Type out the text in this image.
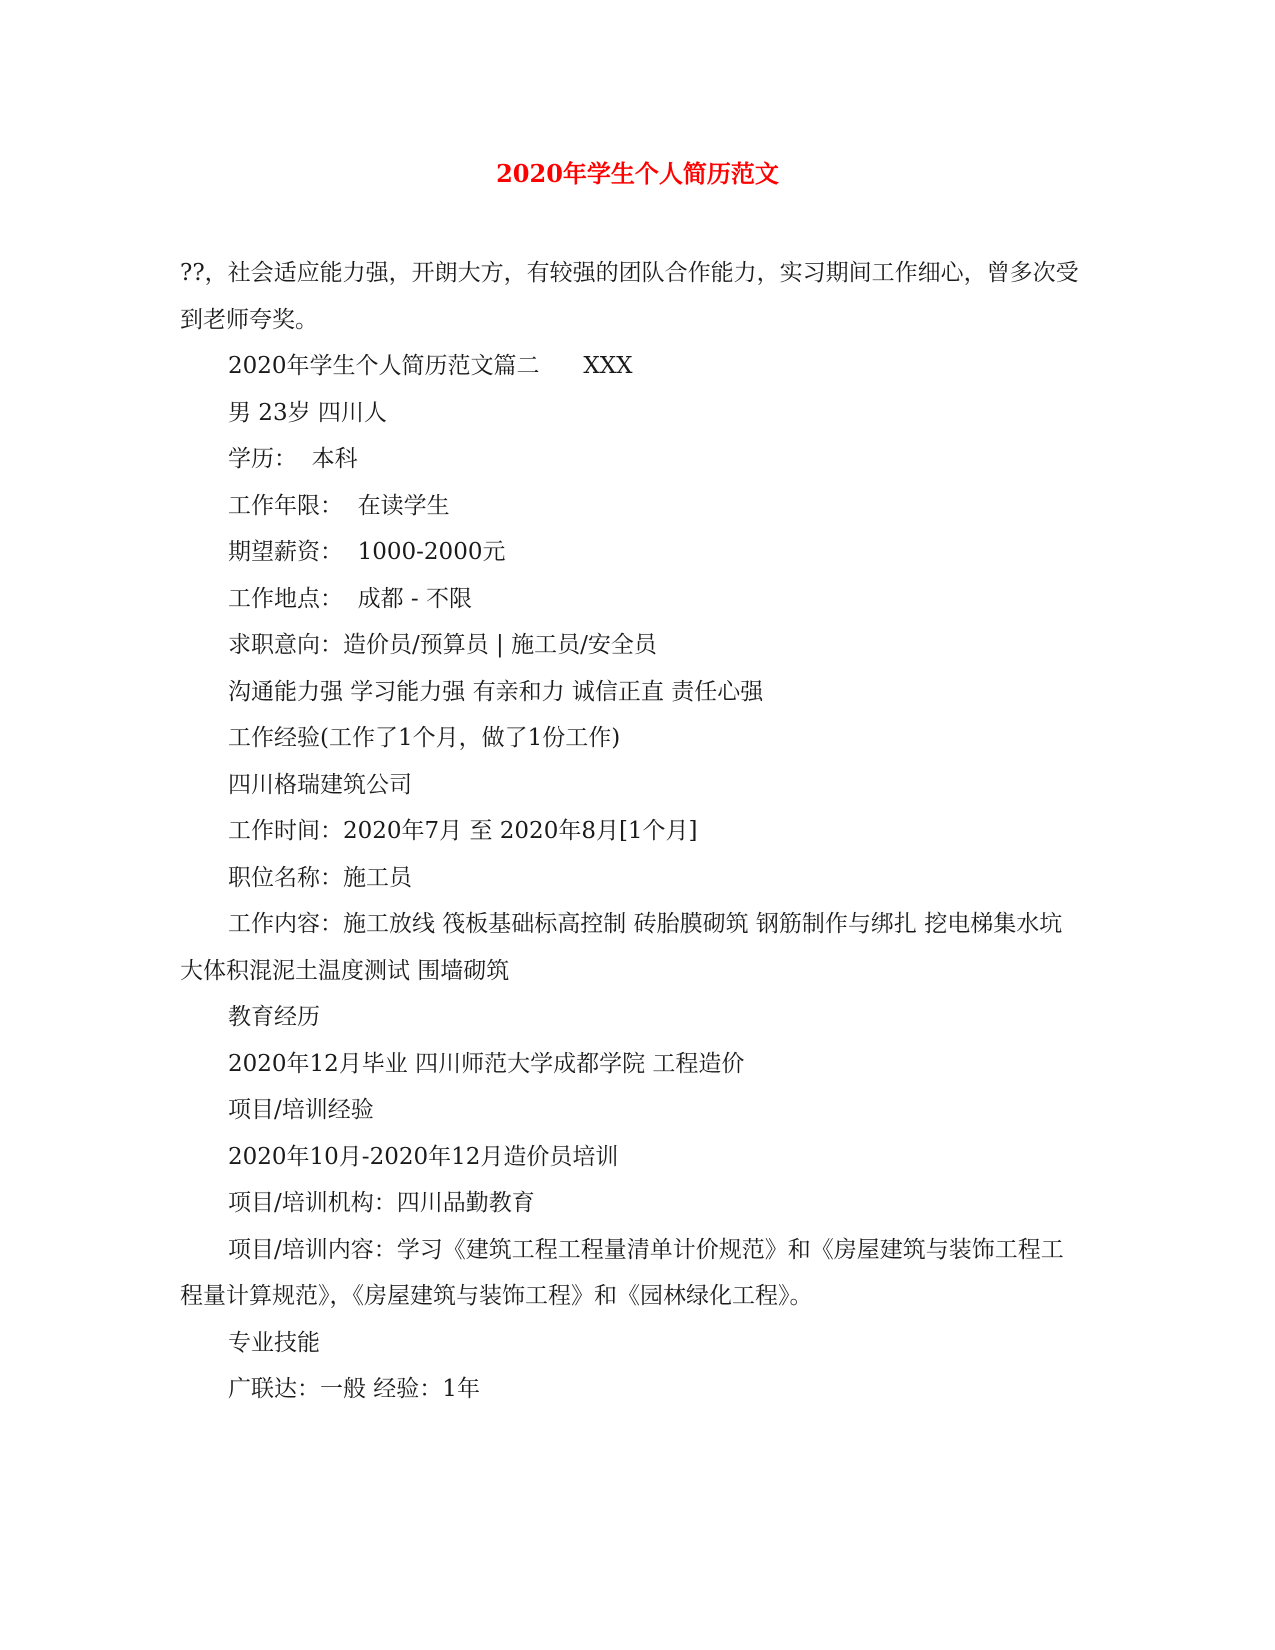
2020年学生个人简历范文

??，社会适应能力强，开朗大方，有较强的团队合作能力，实习期间工作细心，曾多次受到老师夸奖。

2020年学生个人简历范文篇二      XXX

男 23岁 四川人

学历：  本科

工作年限：  在读学生

期望薪资：  1000-2000元

工作地点：  成都 - 不限

求职意向：造价员/预算员 | 施工员/安全员

沟通能力强 学习能力强 有亲和力 诚信正直 责任心强

工作经验(工作了1个月，做了1份工作)

四川格瑞建筑公司

工作时间：2020年7月 至 2020年8月[1个月]

职位名称：施工员

工作内容：施工放线 筏板基础标高控制 砖胎膜砌筑 钢筋制作与绑扎 挖电梯集水坑 大体积混泥土温度测试 围墙砌筑

教育经历

2020年12月毕业 四川师范大学成都学院 工程造价

项目/培训经验

2020年10月-2020年12月造价员培训

项目/培训机构：四川品勤教育

项目/培训内容：学习《建筑工程工程量清单计价规范》和《房屋建筑与装饰工程工程量计算规范》，《房屋建筑与装饰工程》和《园林绿化工程》。

专业技能

广联达：一般 经验：1年
